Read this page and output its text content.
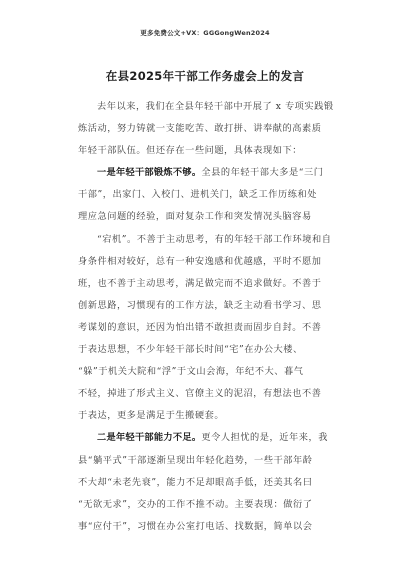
更多免费公文+VX：GGGongWen2024
在县2025年干部工作务虚会上的发言
去年以来，我们在全县年轻干部中开展了 x 专项实践锻
炼活动，努力铸就一支能吃苦、敢打拼、讲奉献的高素质
年轻干部队伍。但还存在一些问题，具体表现如下：
一是年轻干部锻炼不够。全县的年轻干部大多是“三门
干部”，出家门、入校门、进机关门，缺乏工作历练和处
理应急问题的经验，面对复杂工作和突发情况头脑容易
“宕机”。不善于主动思考，有的年轻干部工作环境和自
身条件相对较好，总有一种安逸感和优越感，平时不愿加
班，也不善于主动思考，满足做完而不追求做好。不善于
创新思路，习惯现有的工作方法，缺乏主动看书学习、思
考谋划的意识，还因为怕出错不敢担责而固步自封。不善
于表达思想，不少年轻干部长时间“宅”在办公大楼、
“躲”于机关大院和“浮”于文山会海，年纪不大、暮气
不轻，掉进了形式主义、官僚主义的泥沼，有想法也不善
于表达，更多是满足于生搬硬套。
二是年轻干部能力不足。更令人担忧的是，近年来，我
县“躺平式”干部逐渐呈现出年轻化趋势，一些干部年龄
不大却“未老先衰”，能力不足却眼高手低，还美其名曰
“无欲无求”，交办的工作不推不动。主要表现：做衍了
事“应付干”，习惯在办公室打电话、找数据，简单以会
